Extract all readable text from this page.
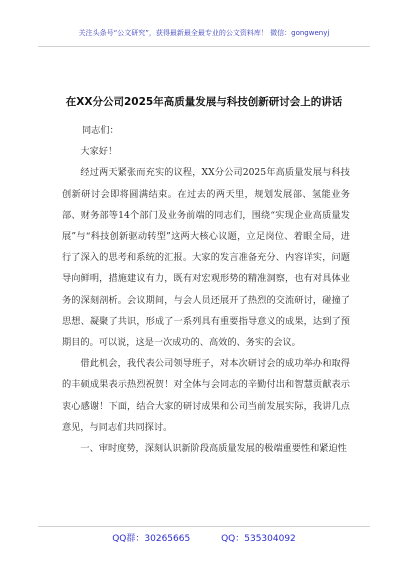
关注头条号“公文研究”，获得最新最全最专业的公文资料库！ 微信：gongwenyj
在XX分公司2025年高质量发展与科技创新研讨会上的讲话

同志们：

大家好！

经过两天紧张而充实的议程，XX分公司2025年高质量发展与科技创新研讨会即将圆满结束。在过去的两天里，规划发展部、氢能业务部、财务部等14个部门及业务前端的同志们，围绕“实现企业高质量发展”与“科技创新驱动转型”这两大核心议题，立足岗位、着眼全局，进行了深入的思考和系统的汇报。大家的发言准备充分、内容详实，问题导向鲜明，措施建议有力，既有对宏观形势的精准洞察，也有对具体业务的深刻剖析。会议期间，与会人员还展开了热烈的交流研讨，碰撞了思想、凝聚了共识，形成了一系列具有重要指导意义的成果，达到了预期目的。可以说，这是一次成功的、高效的、务实的会议。

借此机会，我代表公司领导班子，对本次研讨会的成功举办和取得的丰硕成果表示热烈祝贺！对全体与会同志的辛勤付出和智慧贡献表示衷心感谢！下面，结合大家的研讨成果和公司当前发展实际，我讲几点意见，与同志们共同探讨。

一、审时度势，深刻认识新阶段高质量发展的极端重要性和紧迫性

QQ群：30265665	QQ：535304092
